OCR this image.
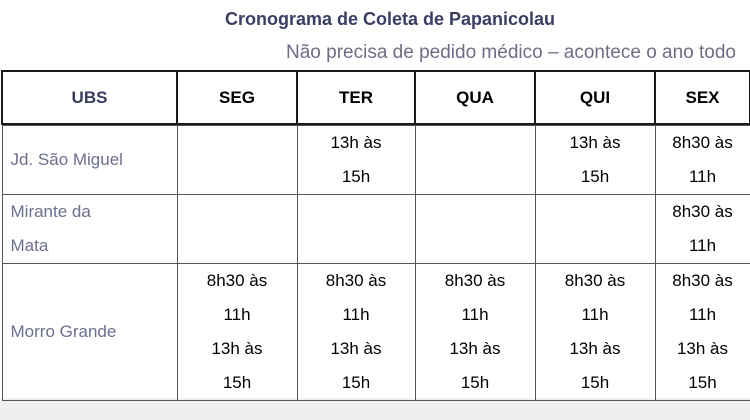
Cronograma de Coleta de Papanicolau
Não precisa de pedido médico – acontece o ano todo
UBS	SEG	TER	QUA	QUI	SEX

Jd. São Miguel		13h às
15h		13h às
15h	8h30 às
11h

Mirante da
Mata					8h30 às
11h

Morro Grande	8h30 às
11h
13h às
15h	8h30 às
11h
13h às
15h	8h30 às
11h
13h às
15h	8h30 às
11h
13h às
15h	8h30 às
11h
13h às
15h
